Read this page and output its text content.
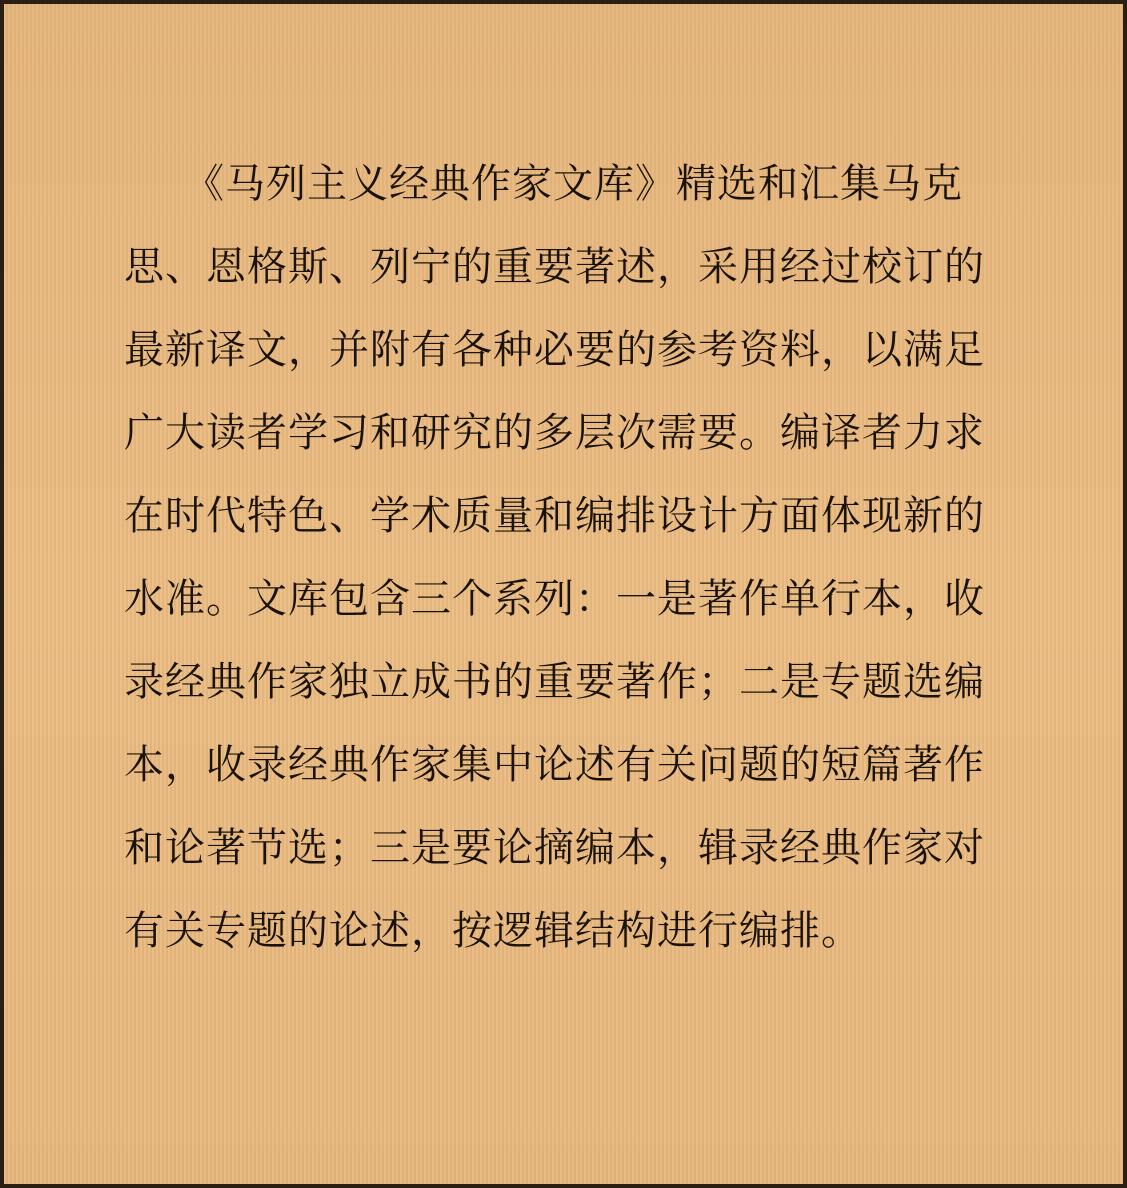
《马列主义经典作家文库》精选和汇集马克
思、恩格斯、列宁的重要著述，采用经过校订的
最新译文，并附有各种必要的参考资料，以满足
广大读者学习和研究的多层次需要。编译者力求
在时代特色、学术质量和编排设计方面体现新的
水准。文库包含三个系列：一是著作单行本，收
录经典作家独立成书的重要著作；二是专题选编
本，收录经典作家集中论述有关问题的短篇著作
和论著节选；三是要论摘编本，辑录经典作家对
有关专题的论述，按逻辑结构进行编排。
